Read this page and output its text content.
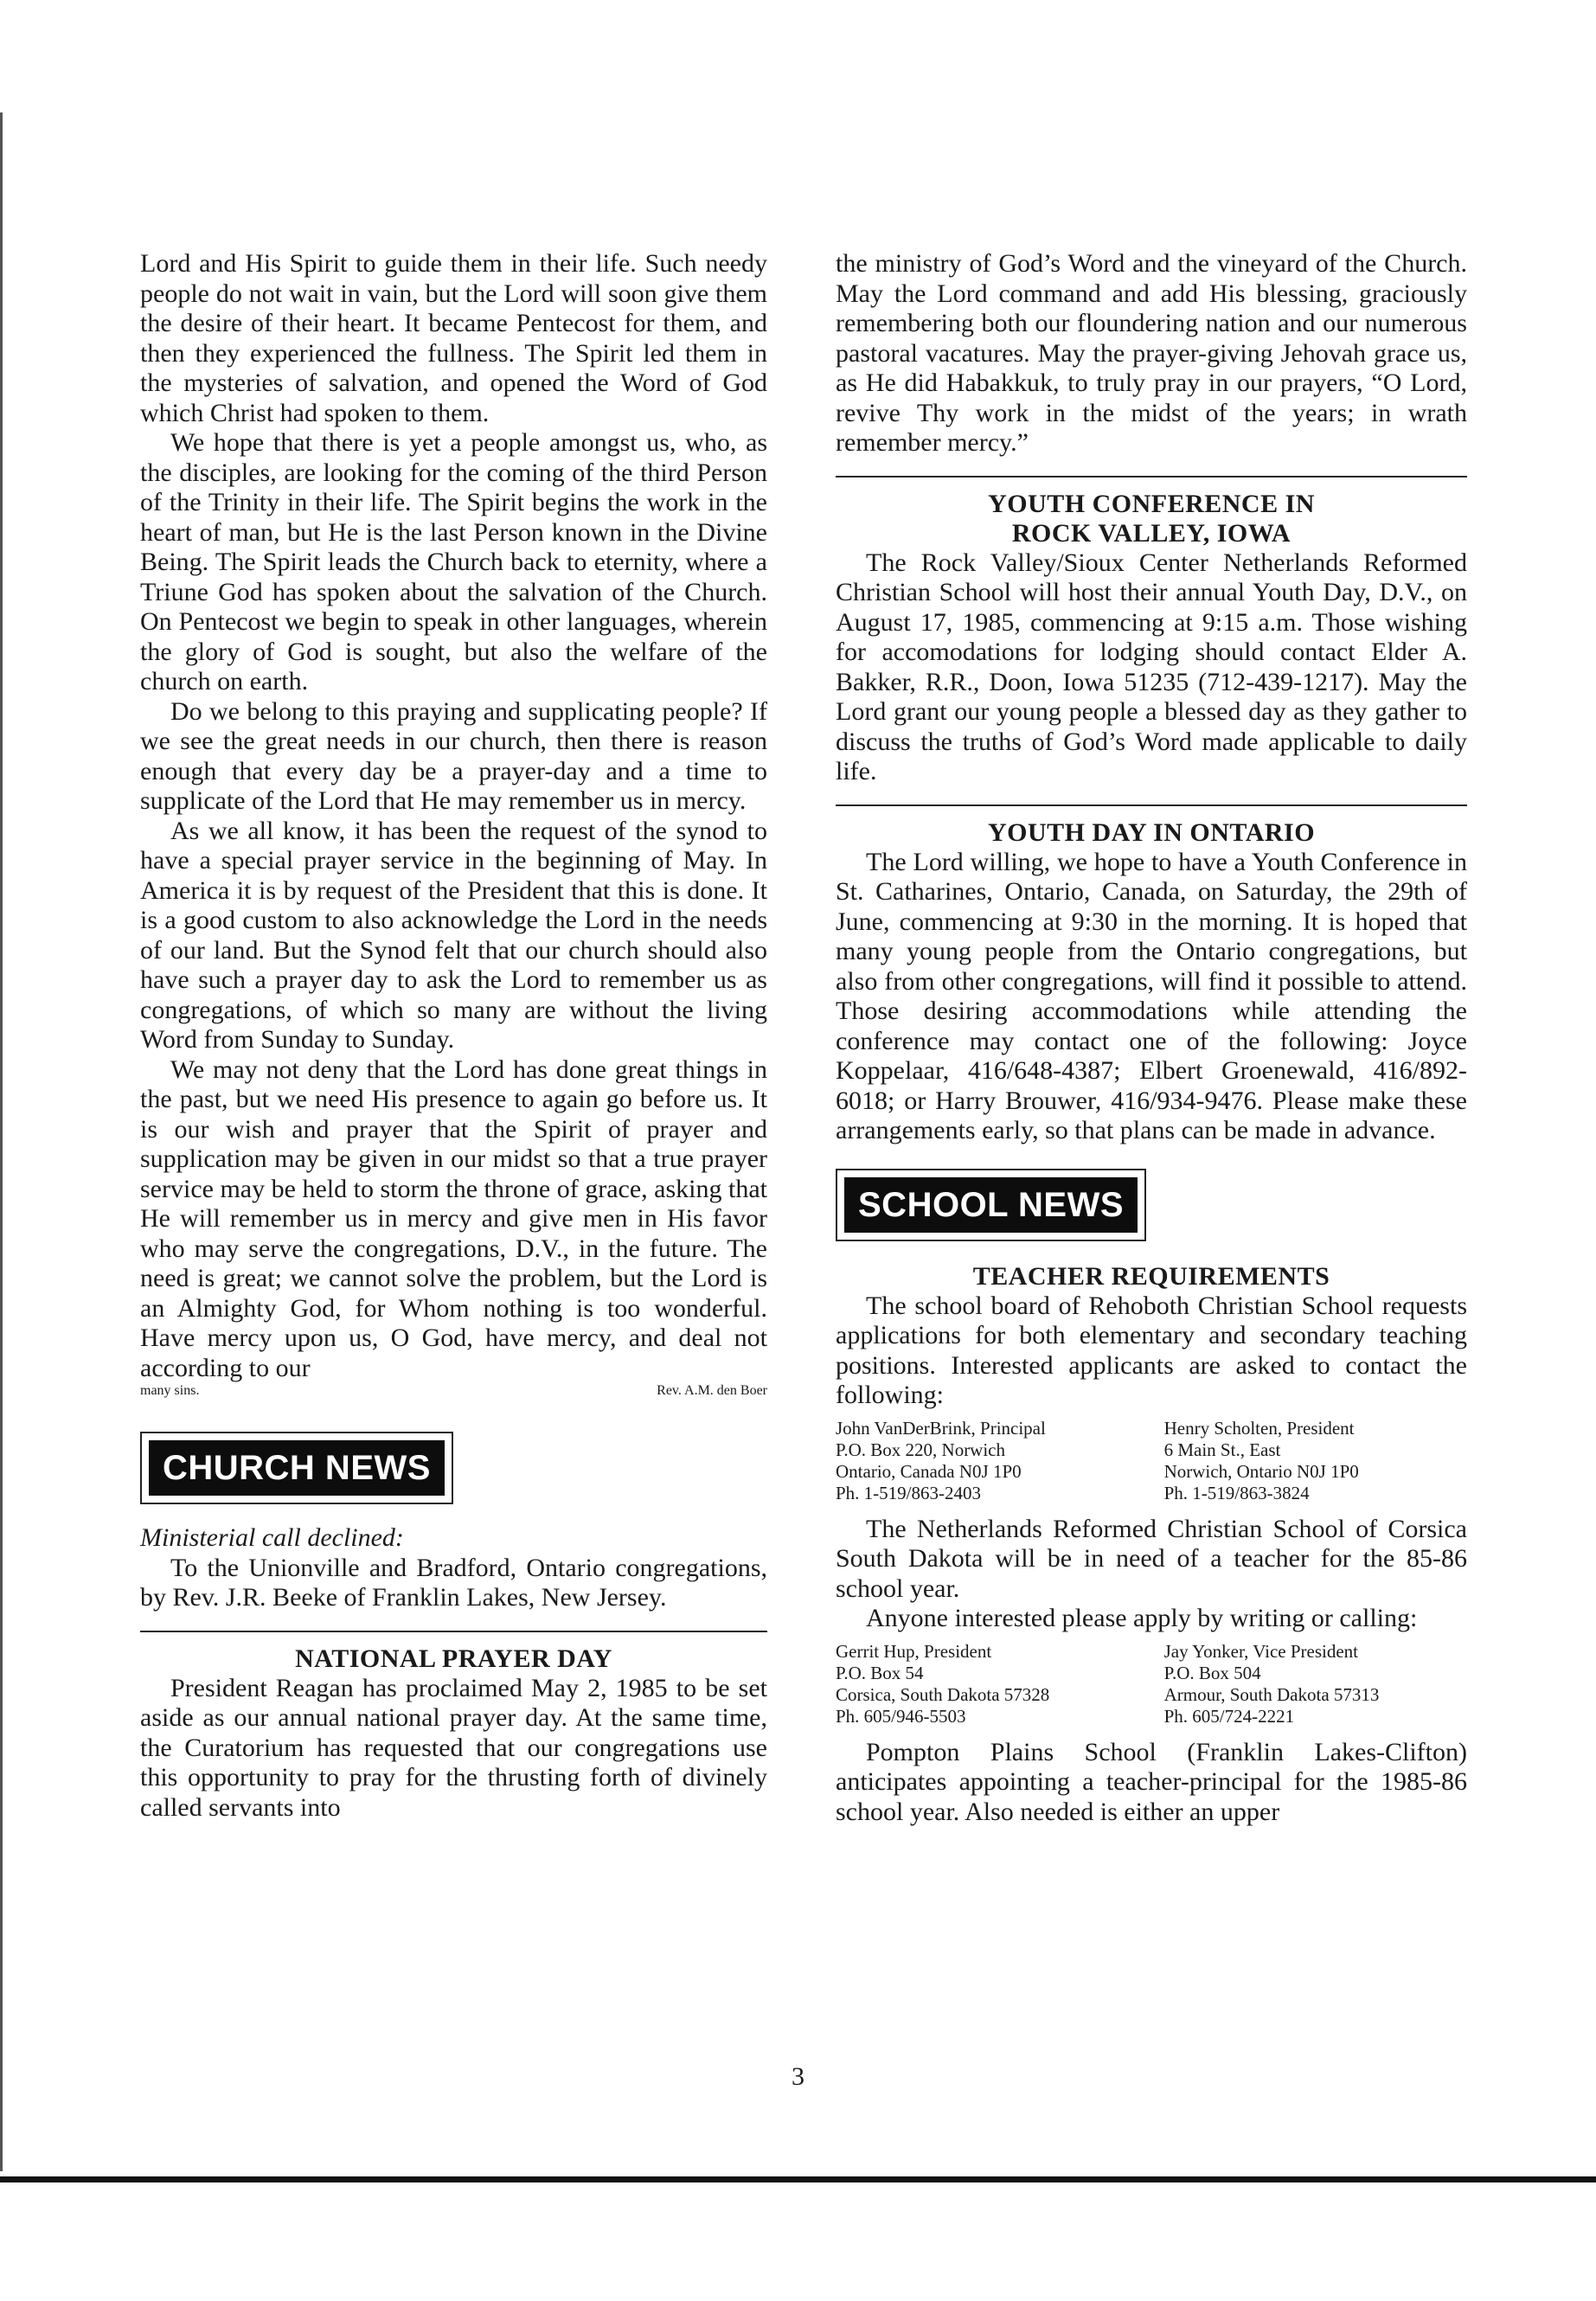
Lord and His Spirit to guide them in their life. Such needy people do not wait in vain, but the Lord will soon give them the desire of their heart. It became Pentecost for them, and then they experienced the fullness. The Spirit led them in the mysteries of salvation, and opened the Word of God which Christ had spoken to them.

We hope that there is yet a people amongst us, who, as the disciples, are looking for the coming of the third Person of the Trinity in their life. The Spirit begins the work in the heart of man, but He is the last Person known in the Divine Being. The Spirit leads the Church back to eternity, where a Triune God has spoken about the salvation of the Church. On Pentecost we begin to speak in other languages, wherein the glory of God is sought, but also the welfare of the church on earth.

Do we belong to this praying and supplicating people? If we see the great needs in our church, then there is reason enough that every day be a prayer-day and a time to supplicate of the Lord that He may remember us in mercy.

As we all know, it has been the request of the synod to have a special prayer service in the beginning of May. In America it is by request of the President that this is done. It is a good custom to also acknowledge the Lord in the needs of our land. But the Synod felt that our church should also have such a prayer day to ask the Lord to remember us as congregations, of which so many are without the living Word from Sunday to Sunday.

We may not deny that the Lord has done great things in the past, but we need His presence to again go before us. It is our wish and prayer that the Spirit of prayer and supplication may be given in our midst so that a true prayer service may be held to storm the throne of grace, asking that He will remember us in mercy and give men in His favor who may serve the congregations, D.V., in the future. The need is great; we cannot solve the problem, but the Lord is an Almighty God, for Whom nothing is too wonderful. Have mercy upon us, O God, have mercy, and deal not according to our

many sins.	Rev. A.M. den Boer
CHURCH NEWS

Ministerial call declined:

To the Unionville and Bradford, Ontario congregations, by Rev. J.R. Beeke of Franklin Lakes, New Jersey.

NATIONAL PRAYER DAY

President Reagan has proclaimed May 2, 1985 to be set aside as our annual national prayer day. At the same time, the Curatorium has requested that our congregations use this opportunity to pray for the thrusting forth of divinely called servants into

the ministry of God’s Word and the vineyard of the Church. May the Lord command and add His blessing, graciously remembering both our floundering nation and our numerous pastoral vacatures. May the prayer-giving Jehovah grace us, as He did Habakkuk, to truly pray in our prayers, “O Lord, revive Thy work in the midst of the years; in wrath remember mercy.”

YOUTH CONFERENCE IN
ROCK VALLEY, IOWA

The Rock Valley/Sioux Center Netherlands Reformed Christian School will host their annual Youth Day, D.V., on August 17, 1985, commencing at 9:15 a.m. Those wishing for accomodations for lodging should contact Elder A. Bakker, R.R., Doon, Iowa 51235 (712-439-1217). May the Lord grant our young people a blessed day as they gather to discuss the truths of God’s Word made applicable to daily life.

YOUTH DAY IN ONTARIO

The Lord willing, we hope to have a Youth Conference in St. Catharines, Ontario, Canada, on Saturday, the 29th of June, commencing at 9:30 in the morning. It is hoped that many young people from the Ontario congregations, but also from other congregations, will find it possible to attend. Those desiring accommodations while attending the conference may contact one of the following: Joyce Koppelaar, 416/648-4387; Elbert Groenewald, 416/892-6018; or Harry Brouwer, 416/934-9476. Please make these arrangements early, so that plans can be made in advance.

SCHOOL NEWS
TEACHER REQUIREMENTS

The school board of Rehoboth Christian School requests applications for both elementary and secondary teaching positions. Interested applicants are asked to contact the following:

John VanDerBrink, Principal
P.O. Box 220, Norwich
Ontario, Canada N0J 1P0
Ph. 1-519/863-2403
Henry Scholten, President
6 Main St., East
Norwich, Ontario N0J 1P0
Ph. 1-519/863-3824

The Netherlands Reformed Christian School of Corsica South Dakota will be in need of a teacher for the 85-86 school year.

Anyone interested please apply by writing or calling:

Gerrit Hup, President
P.O. Box 54
Corsica, South Dakota 57328
Ph. 605/946-5503
Jay Yonker, Vice President
P.O. Box 504
Armour, South Dakota 57313
Ph. 605/724-2221

Pompton Plains School (Franklin Lakes-Clifton) anticipates appointing a teacher-principal for the 1985-86 school year. Also needed is either an upper

3
